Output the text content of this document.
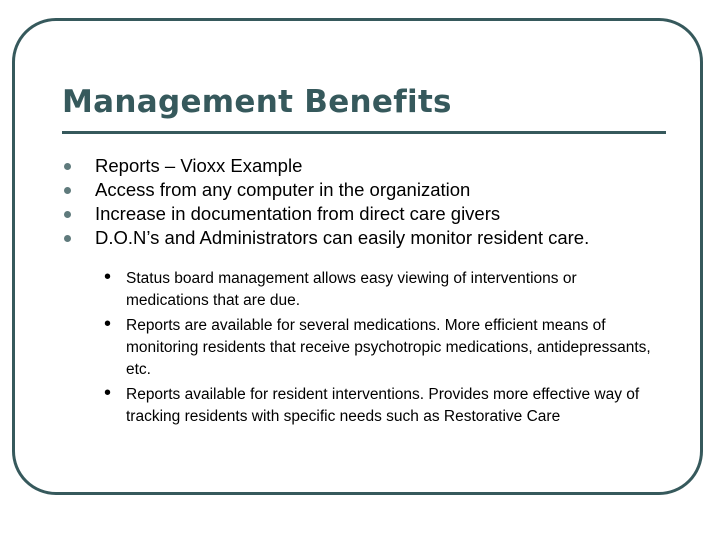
Management Benefits
Reports – Vioxx Example
Access from any computer in the organization
Increase in documentation from direct care givers
D.O.N’s and Administrators can easily monitor resident care.
• Status board management allows easy viewing of interventions or medications that are due.
• Reports are available for several medications. More efficient means of monitoring residents that receive psychotropic medications, antidepressants, etc.
• Reports available for resident interventions. Provides more effective way of tracking residents with specific needs such as Restorative Care
